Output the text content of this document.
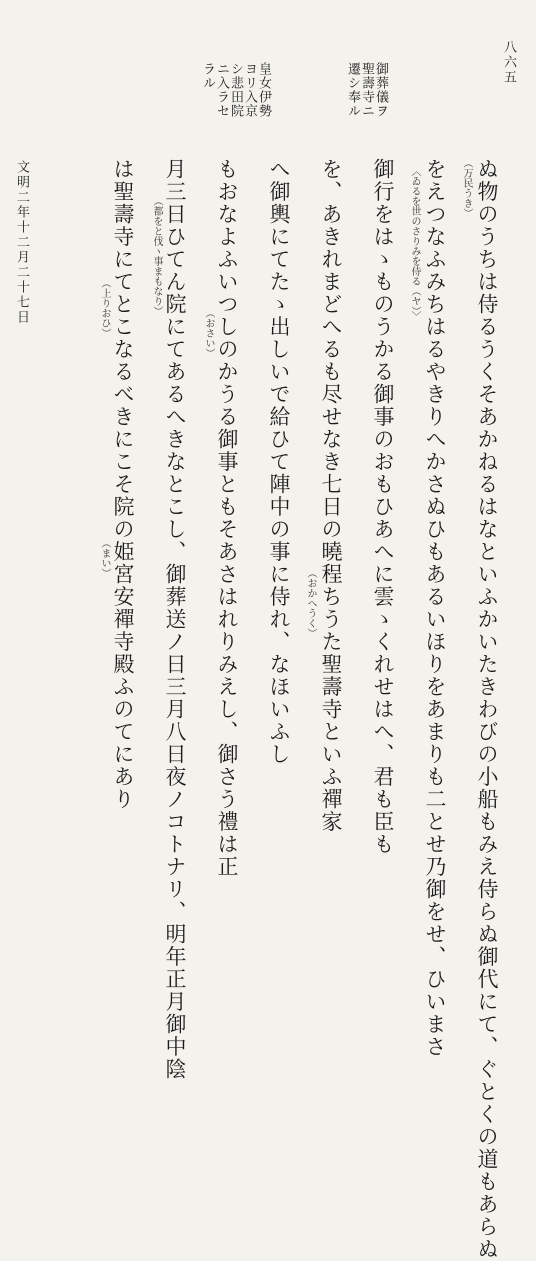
八六五
皇女伊勢
ヨリ入京
シ悲田院
ニ入ラセ
ラル	御葬儀ヲ
聖壽寺ニ
遷シ奉ル
ぬ物のうちは侍るうくそあかねるはなといふかいたきわびの小船もみえ侍らぬ御代にて、ぐとくの道もあらぬ
をえつなふみちはるやきりへかさぬひもあるいほりをあまりも二とせ乃御をせ、ひいまさ
御行をはゝものうかる御事のおもひあへに雲ゝくれせはへ、君も臣も
を、あきれまどへるも尽せなき七日の曉程ちうた聖壽寺といふ禪家
へ御輿にてたゝ出しいで給ひて陣中の事に侍れ、なほいふし
もおなよふいつしのかうる御事ともそあさはれりみえし、御さう禮は正
月三日ひてん院にてあるへきなとこし、御葬送ノ日三月八日夜ノコトナリ、明年正月御中陰
は聖壽寺にてとこなるべきにこそ院の姫宮安禪寺殿ふのてにあり	（万民うき）
〈ゐるを世のさりみを侍る（ヤ）〉
（おかへうく）
（都をと伐ヽ事まもなり）
（上りおひ）
（まい）
（おさい）
文明二年十二月二十七日
